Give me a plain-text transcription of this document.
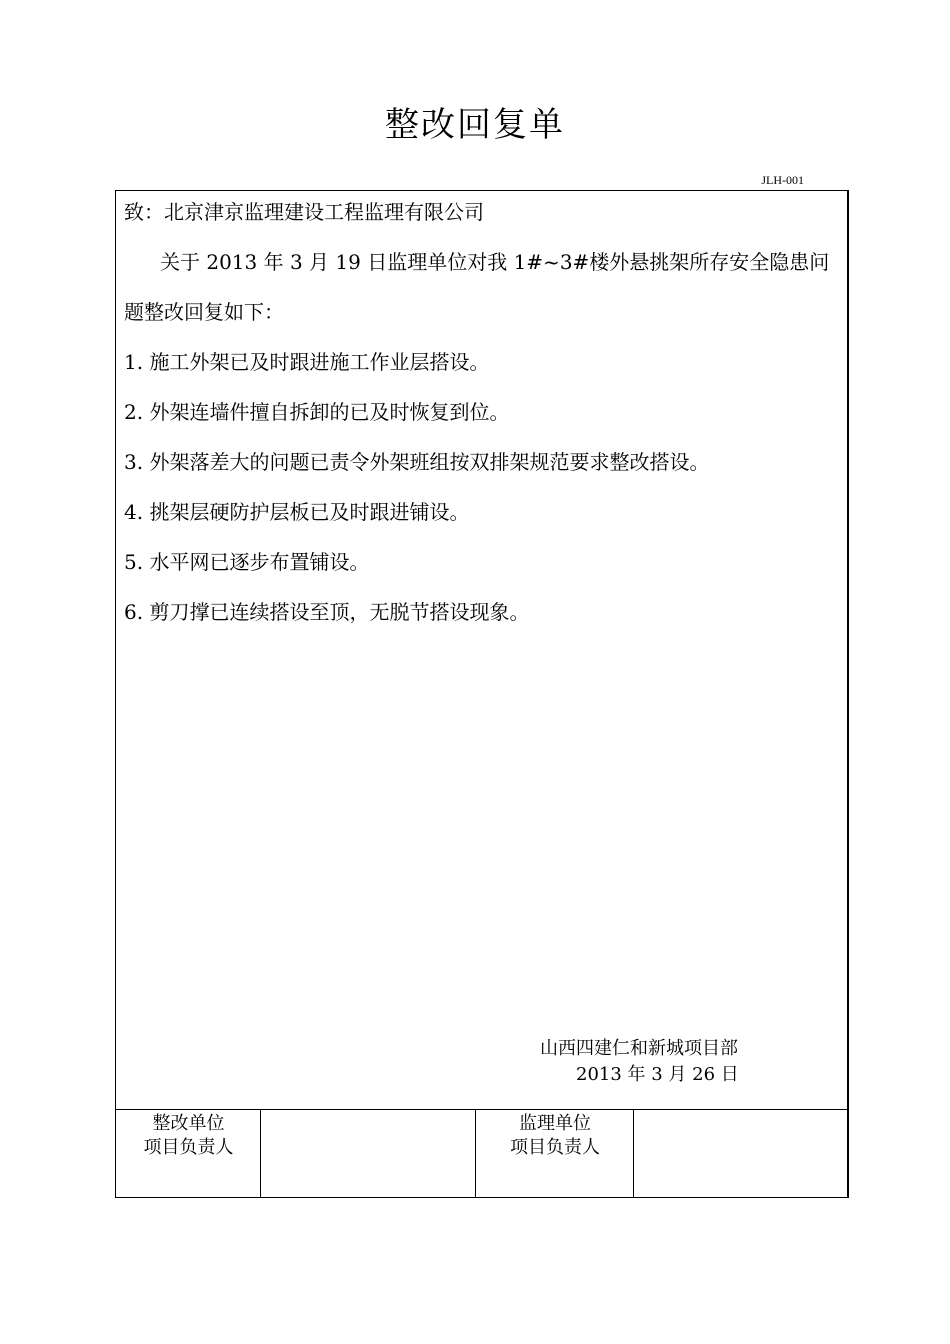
整改回复单
JLH-001
致：北京津京监理建设工程监理有限公司
关于 2013 年 3 月 19 日监理单位对我 1#~3#楼外悬挑架所存安全隐患问
题整改回复如下：
1. 施工外架已及时跟进施工作业层搭设。
2. 外架连墙件擅自拆卸的已及时恢复到位。
3. 外架落差大的问题已责令外架班组按双排架规范要求整改搭设。
4. 挑架层硬防护层板已及时跟进铺设。
5. 水平网已逐步布置铺设。
6. 剪刀撑已连续搭设至顶，无脱节搭设现象。
山西四建仁和新城项目部
2013 年 3 月 26 日
整改单位
项目负责人
监理单位
项目负责人
